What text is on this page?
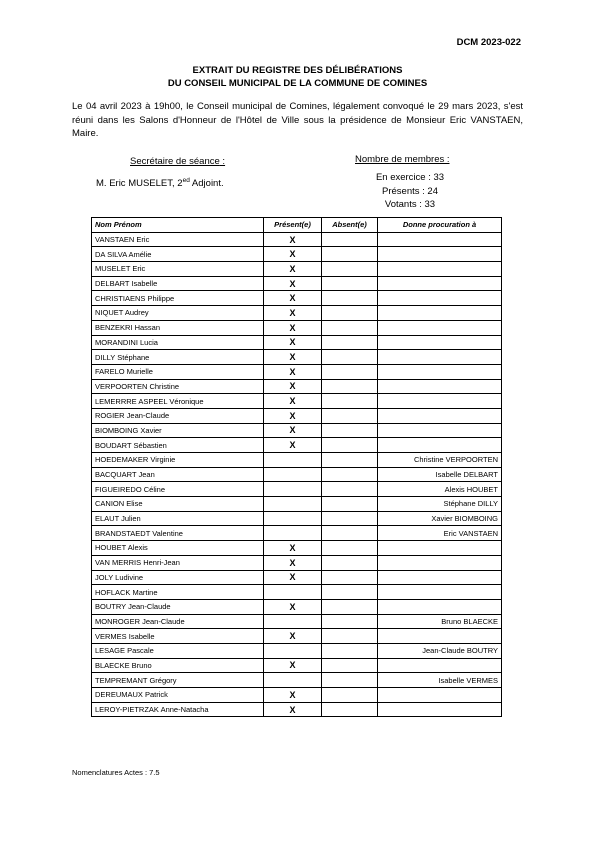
DCM 2023-022
EXTRAIT DU REGISTRE DES DÉLIBÉRATIONS
DU CONSEIL MUNICIPAL DE LA COMMUNE DE COMINES
Le 04 avril 2023 à 19h00, le Conseil municipal de Comines, légalement convoqué le 29 mars 2023, s'est réuni dans les Salons d'Honneur de l'Hôtel de Ville sous la présidence de Monsieur Eric VANSTAEN, Maire.
Secrétaire de séance :
M. Eric MUSELET, $2^{ed}$ Adjoint.
Nombre de membres :
En exercice : 33
Présents : 24
Votants : 33
Nom Prénom	Présent(e)	Absent(e)	Donne procuration à
VANSTAEN Eric	X		
DA SILVA Amélie	X		
MUSELET Eric	X		
DELBART Isabelle	X		
CHRISTIAENS Philippe	X		
NIQUET Audrey	X		
BENZEKRI Hassan	X		
MORANDINI Lucia	X		
DILLY Stéphane	X		
FARELO Murielle	X		
VERPOORTEN Christine	X		
LEMERRRE ASPEEL Véronique	X		
ROGIER Jean-Claude	X		
BIOMBOING Xavier	X		
BOUDART Sébastien	X		
HOEDEMAKER Virginie			Christine VERPOORTEN
BACQUART Jean			Isabelle DELBART
FIGUEIREDO Céline			Alexis HOUBET
CANION Elise			Stéphane DILLY
ELAUT Julien			Xavier BIOMBOING
BRANDSTAEDT Valentine			Eric VANSTAEN
HOUBET Alexis	X		
VAN MERRIS Henri-Jean	X		
JOLY Ludivine	X		
HOFLACK Martine			
BOUTRY Jean-Claude	X		
MONROGER Jean-Claude			Bruno BLAECKE
VERMES Isabelle	X		
LESAGE Pascale			Jean-Claude BOUTRY
BLAECKE Bruno	X		
TEMPREMANT Grégory			Isabelle VERMES
DEREUMAUX Patrick	X		
LEROY-PIETRZAK Anne-Natacha	X		
Nomenclatures Actes : 7.5
